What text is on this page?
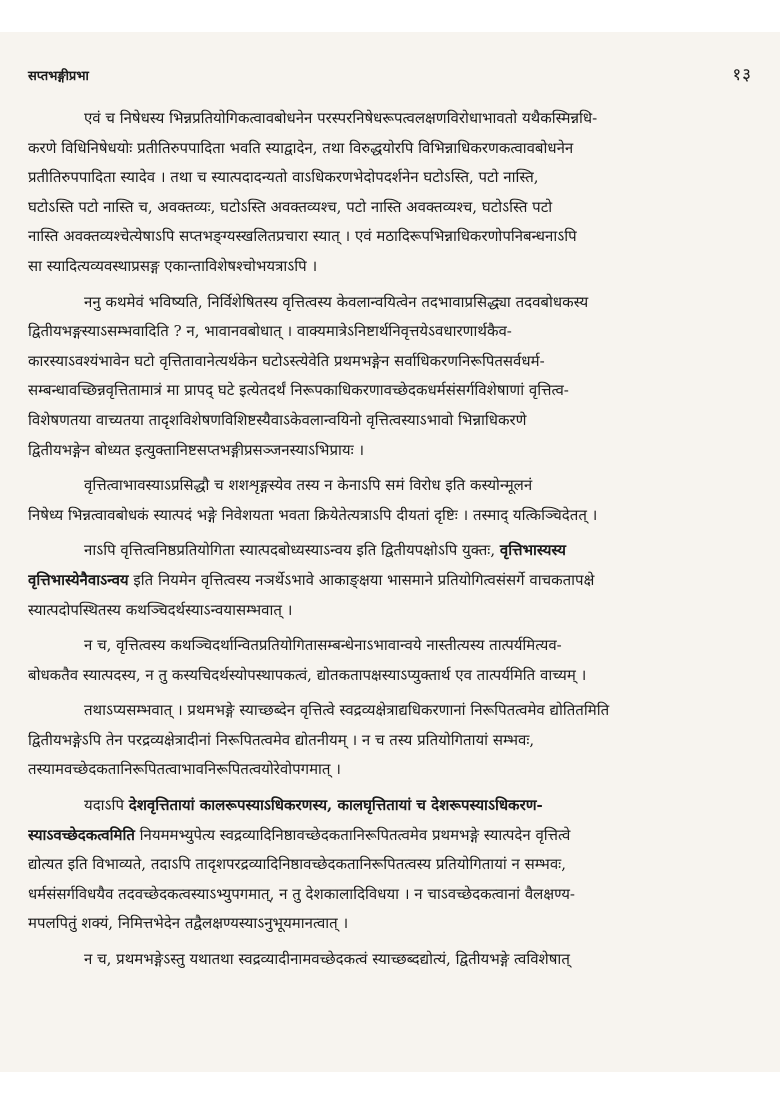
सप्तभङ्गीप्रभा	१३
एवं च निषेधस्य भिन्नप्रतियोगिकत्वावबोधनेन परस्परनिषेधरूपत्वलक्षणविरोधाभावतो यथैकस्मिन्नधि-
करणे विधिनिषेधयोः प्रतीतिरुपपादिता भवति स्याद्वादेन, तथा विरुद्धयोरपि विभिन्नाधिकरणकत्वावबोधनेन
प्रतीतिरुपपादिता स्यादेव । तथा च स्यात्पदादन्यतो वाऽधिकरणभेदोपदर्शनेन घटोऽस्ति, पटो नास्ति,
घटोऽस्ति पटो नास्ति च, अवक्तव्यः, घटोऽस्ति अवक्तव्यश्च, पटो नास्ति अवक्तव्यश्च, घटोऽस्ति पटो
नास्ति अवक्तव्यश्चेत्येषाऽपि सप्तभङ्ग्यस्खलितप्रचारा स्यात् । एवं मठादिरूपभिन्नाधिकरणोपनिबन्धनाऽपि
सा स्यादित्यव्यवस्थाप्रसङ्ग एकान्ताविशेषश्चोभयत्राऽपि ।
ननु कथमेवं भविष्यति, निर्विशेषितस्य वृत्तित्वस्य केवलान्वयित्वेन तदभावाप्रसिद्ध्या तदवबोधकस्य
द्वितीयभङ्गस्याऽसम्भवादिति ? न, भावानवबोधात् । वाक्यमात्रेऽनिष्टार्थनिवृत्तयेऽवधारणार्थकैव-
कारस्याऽवश्यंभावेन घटो वृत्तितावानेत्यर्थकेन घटोऽस्त्येवेति प्रथमभङ्गेन सर्वाधिकरणनिरूपितसर्वधर्म-
सम्बन्धावच्छिन्नवृत्तितामात्रं मा प्रापद् घटे इत्येतदर्थं निरूपकाधिकरणावच्छेदकधर्मसंसर्गविशेषाणां वृत्तित्व-
विशेषणतया वाच्यतया तादृशविशेषणविशिष्टस्यैवाऽकेवलान्वयिनो वृत्तित्वस्याऽभावो भिन्नाधिकरणे
द्वितीयभङ्गेन बोध्यत इत्युक्तानिष्टसप्तभङ्गीप्रसञ्जनस्याऽभिप्रायः ।
वृत्तित्वाभावस्याऽप्रसिद्धौ च शशशृङ्गस्येव तस्य न केनाऽपि समं विरोध इति कस्योन्मूलनं
निषेध्य भिन्नत्वावबोधकं स्यात्पदं भङ्गे निवेशयता भवता क्रियेतेत्यत्राऽपि दीयतां दृष्टिः । तस्माद् यत्किञ्चिदेतत् ।
नाऽपि वृत्तित्वनिष्ठप्रतियोगिता स्यात्पदबोध्यस्याऽन्वय इति द्वितीयपक्षोऽपि युक्तः, वृत्तिभास्यस्य
वृत्तिभास्येनैवाऽन्वय इति नियमेन वृत्तित्वस्य नञर्थेऽभावे आकाङ्क्षया भासमाने प्रतियोगित्वसंसर्गे वाचकतापक्षे
स्यात्पदोपस्थितस्य कथञ्चिदर्थस्याऽन्वयासम्भवात् ।
न च, वृत्तित्वस्य कथञ्चिदर्थान्वितप्रतियोगितासम्बन्धेनाऽभावान्वये नास्तीत्यस्य तात्पर्यमित्यव-
बोधकतैव स्यात्पदस्य, न तु कस्यचिदर्थस्योपस्थापकत्वं, द्योतकतापक्षस्याऽप्युक्तार्थ एव तात्पर्यमिति वाच्यम् ।
तथाऽप्यसम्भवात् । प्रथमभङ्गे स्याच्छब्देन वृत्तित्वे स्वद्रव्यक्षेत्राद्यधिकरणानां निरूपितत्वमेव द्योतितमिति
द्वितीयभङ्गेऽपि तेन परद्रव्यक्षेत्रादीनां निरूपितत्वमेव द्योतनीयम् । न च तस्य प्रतियोगितायां सम्भवः,
तस्यामवच्छेदकतानिरूपितत्वाभावनिरूपितत्वयोरेवोपगमात् ।
यदाऽपि देशवृत्तितायां कालरूपस्याऽधिकरणस्य, कालघृत्तितायां च देशरूपस्याऽधिकरण-
स्याऽवच्छेदकत्वमिति नियममभ्युपेत्य स्वद्रव्यादिनिष्ठावच्छेदकतानिरूपितत्वमेव प्रथमभङ्गे स्यात्पदेन वृत्तित्वे
द्योत्यत इति विभाव्यते, तदाऽपि तादृशपरद्रव्यादिनिष्ठावच्छेदकतानिरूपितत्वस्य प्रतियोगितायां न सम्भवः,
धर्मसंसर्गविधयैव तदवच्छेदकत्वस्याऽभ्युपगमात्, न तु देशकालादिविधया । न चाऽवच्छेदकत्वानां वैलक्षण्य-
मपलपितुं शक्यं, निमित्तभेदेन तद्वैलक्षण्यस्याऽनुभूयमानत्वात् ।
न च, प्रथमभङ्गेऽस्तु यथातथा स्वद्रव्यादीनामवच्छेदकत्वं स्याच्छब्दद्योत्यं, द्वितीयभङ्गे त्वविशेषात्
